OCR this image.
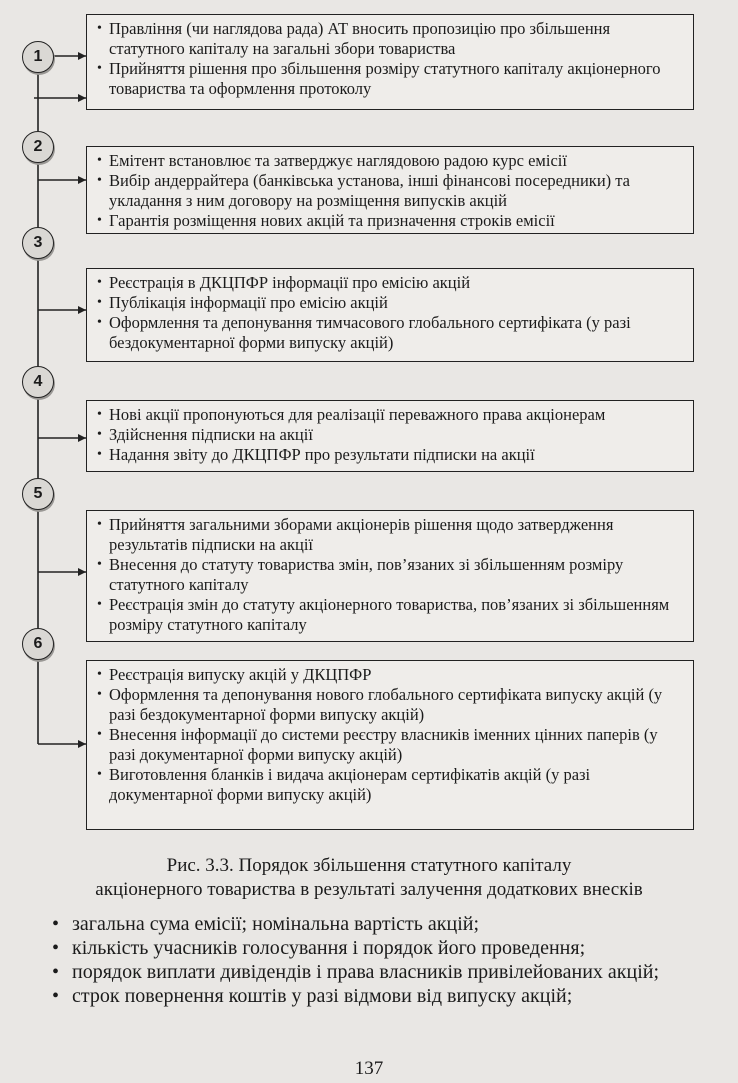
1
2
3
4
5
6
• Правління (чи наглядова рада) АТ вносить пропозицію про збільшення статутного капіталу на загальні збори товариства
• Прийняття рішення про збільшення розміру статутного капіталу акціонерного товариства та оформлення протоколу
• Емітент встановлює та затверджує наглядовою радою курс емісії
• Вибір андеррайтера (банківська установа, інші фінансові посередники) та укладання з ним договору на розміщення випусків акцій
• Гарантія розміщення нових акцій та призначення строків емісії
• Реєстрація в ДКЦПФР інформації про емісію акцій
• Публікація інформації про емісію акцій
• Оформлення та депонування тимчасового глобального сертифіката (у разі бездокументарної форми випуску акцій)
• Нові акції пропонуються для реалізації переважного права акціонерам
• Здійснення підписки на акції
• Надання звіту до ДКЦПФР про результати підписки на акції
• Прийняття загальними зборами акціонерів рішення щодо затвердження результатів підписки на акції
• Внесення до статуту товариства змін, пов’язаних зі збільшенням розміру статутного капіталу
• Реєстрація змін до статуту акціонерного товариства, пов’язаних зі збільшенням розміру статутного капіталу
• Реєстрація випуску акцій у ДКЦПФР
• Оформлення та депонування нового глобального сертифіката випуску акцій (у разі бездокументарної форми випуску акцій)
• Внесення інформації до системи реєстру власників іменних цінних паперів (у разі документарної форми випуску акцій)
• Виготовлення бланків і видача акціонерам сертифікатів акцій (у разі документарної форми випуску акцій)
Рис. 3.3. Порядок збільшення статутного капіталу
акціонерного товариства в результаті залучення додаткових внесків
• загальна сума емісії; номінальна вартість акцій;
• кількість учасників голосування і порядок його проведення;
• порядок виплати дивідендів і права власників привілейованих акцій;
• строк повернення коштів у разі відмови від випуску акцій;
137
